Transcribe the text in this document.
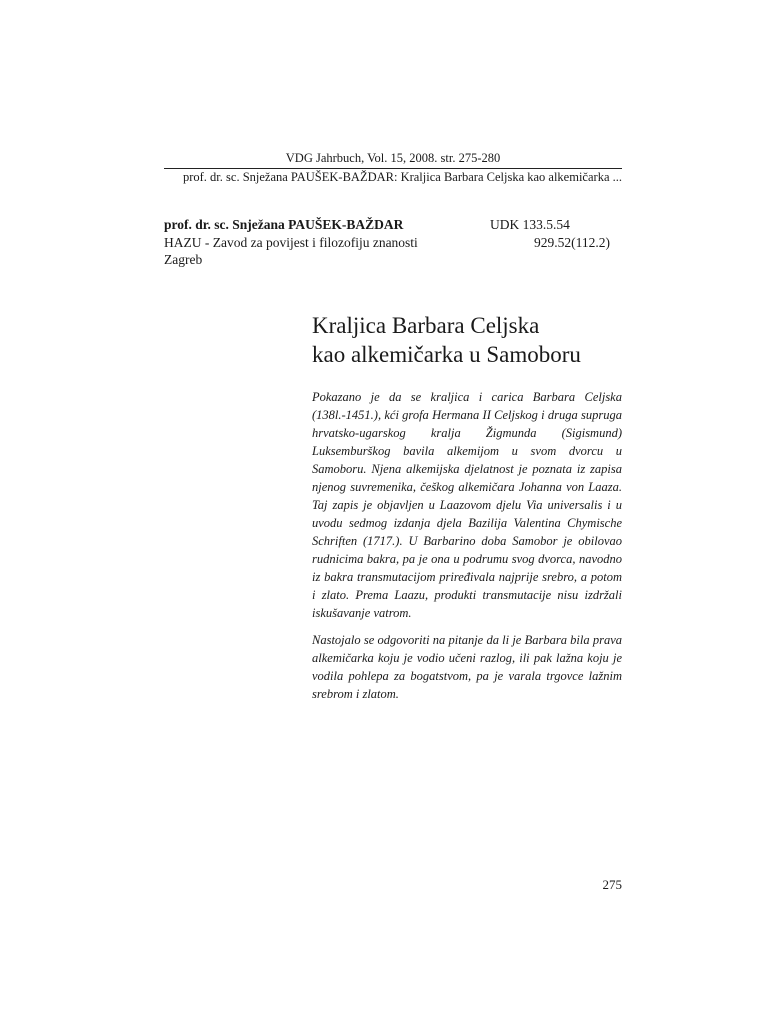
VDG Jahrbuch, Vol. 15, 2008. str. 275-280
prof. dr. sc. Snježana PAUŠEK-BAŽDAR: Kraljica Barbara Celjska kao alkemičarka ...
prof. dr. sc. Snježana PAUŠEK-BAŽDAR
HAZU - Zavod za povijest i filozofiju znanosti
Zagreb
UDK 133.5.54
929.52(112.2)
Kraljica Barbara Celjska
kao alkemičarka u Samoboru

Pokazano je da se kraljica i carica Barbara Celjska (138l.-1451.), kći grofa Hermana II Celjskog i druga supruga hrvatsko-ugarskog kralja Žigmunda (Sigismund) Luksemburškog bavila alkemijom u svom dvorcu u Samoboru. Njena alkemijska djelatnost je poznata iz zapisa njenog suvremenika, češkog alkemičara Johanna von Laaza. Taj zapis je objavljen u Laazovom djelu Via universalis i u uvodu sedmog izdanja djela Bazilija Valentina Chymische Schriften (1717.). U Barbarino doba Samobor je obilovao rudnicima bakra, pa je ona u podrumu svog dvorca, navodno iz bakra transmutacijom priređivala najprije srebro, a potom i zlato. Prema Laazu, produkti transmutacije nisu izdržali iskušavanje vatrom.

Nastojalo se odgovoriti na pitanje da li je Barbara bila prava alkemičarka koju je vodio učeni razlog, ili pak lažna koju je vodila pohlepa za bogatstvom, pa je varala trgovce lažnim srebrom i zlatom.

275
